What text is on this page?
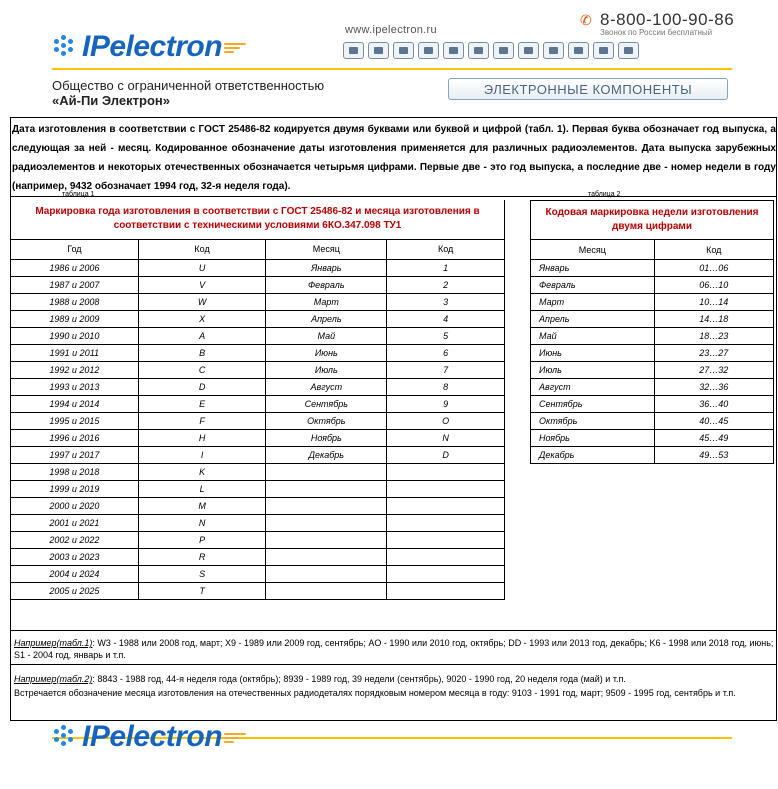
IPelectron	www.ipelectron.ru
✆ 8-800-100-90-86
Звонок по России бесплатный
Общество с ограниченной ответственностью
«Ай-Пи Электрон»
ЭЛЕКТРОННЫЕ КОМПОНЕНТЫ
Дата изготовления в соответствии с ГОСТ 25486-82 кодируется двумя буквами или буквой и цифрой (табл. 1). Первая буква обозначает год выпуска, а следующая за ней - месяц. Кодированное обозначение даты изготовления применяется для различных радиоэлементов. Дата выпуска зарубежных радиоэлементов и некоторых отечественных обозначается четырьмя цифрами. Первые две - это год выпуска, а последние две - номер недели в году (например, 9432 обозначает 1994 год, 32-я неделя года).
таблица 1	таблица 2
Маркировка года изготовления в соответствии с ГОСТ 25486-82 и месяца изготовления в соответствии с техническими условиями 6КО.347.098 ТУ1			

Год	Код	Месяц	Код
1986 и 2006	U	Январь	1
1987 и 2007	V	Февраль	2
1988 и 2008	W	Март	3
1989 и 2009	X	Апрель	4
1990 и 2010	A	Май	5
1991 и 2011	B	Июнь	6
1992 и 2012	C	Июль	7
1993 и 2013	D	Август	8
1994 и 2014	E	Сентябрь	9
1995 и 2015	F	Октябрь	O
1996 и 2016	H	Ноябрь	N
1997 и 2017	I	Декабрь	D
1998 и 2018	K		
1999 и 2019	L		
2000 и 2020	M		
2001 и 2021	N		
2002 и 2022	P		
2003 и 2023	R		
2004 и 2024	S		
2005 и 2025	T		
Кодовая маркировка недели изготовления двумя цифрами	

Месяц	Код
Январь	01…06
Февраль	06…10
Март	10…14
Апрель	14…18
Май	18…23
Июнь	23…27
Июль	27…32
Август	32…36
Сентябрь	36…40
Октябрь	40…45
Ноябрь	45…49
Декабрь	49…53
Например(табл.1): W3 - 1988 или 2008 год, март; X9 - 1989 или 2009 год, сентябрь; AO - 1990 или 2010 год, октябрь; DD - 1993 или 2013 год, декабрь; K6 - 1998 или 2018 год, июнь; S1 - 2004 год, январь и т.п.
Например(табл.2): 8843 - 1988 год, 44-я неделя года (октябрь); 8939 - 1989 год, 39 недели (сентябрь), 9020 - 1990 год, 20 неделя года (май) и т.п.
Встречается обозначение месяца изготовления на отечественных радиодеталях порядковым номером месяца в году: 9103 - 1991 год, март; 9509 - 1995 год, сентябрь и т.п.
IPelectron
